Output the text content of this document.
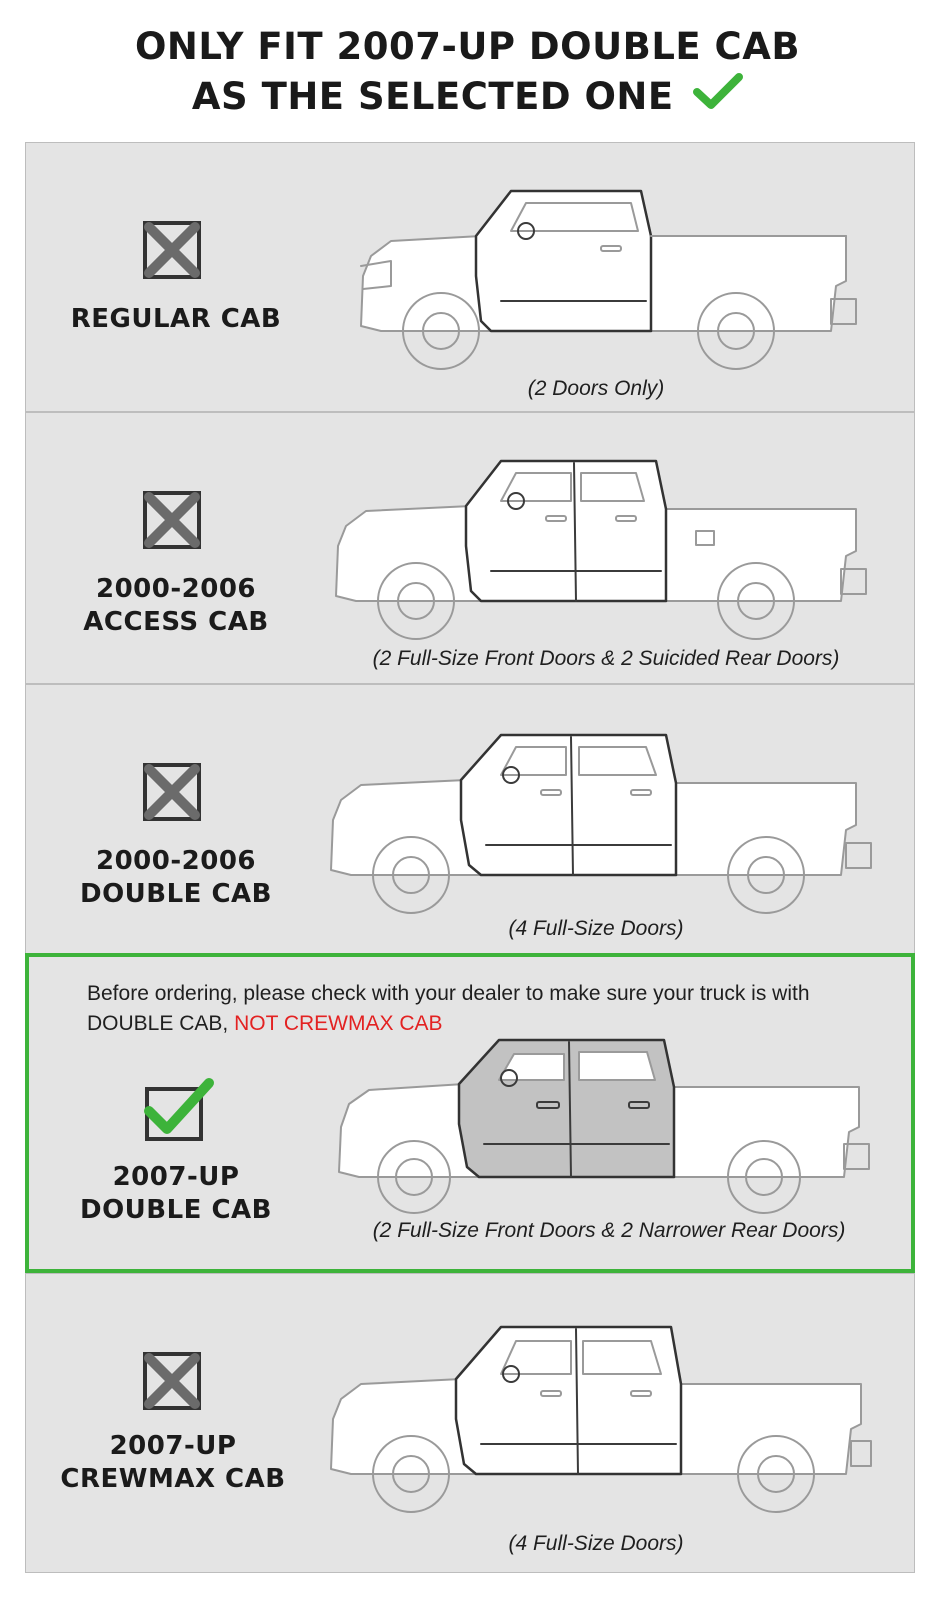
ONLY FIT 2007-UP DOUBLE CAB
AS THE SELECTED ONE
REGULAR CAB
(2 Doors Only)
2000-2006
ACCESS CAB
(2 Full-Size Front Doors & 2 Suicided Rear Doors)
2000-2006
DOUBLE CAB
(4 Full-Size Doors)
Before ordering, please check with your dealer to make sure your truck is with DOUBLE CAB, NOT CREWMAX CAB
2007-UP
DOUBLE CAB
(2 Full-Size Front Doors & 2 Narrower Rear Doors)
2007-UP
CREWMAX CAB
(4 Full-Size Doors)
